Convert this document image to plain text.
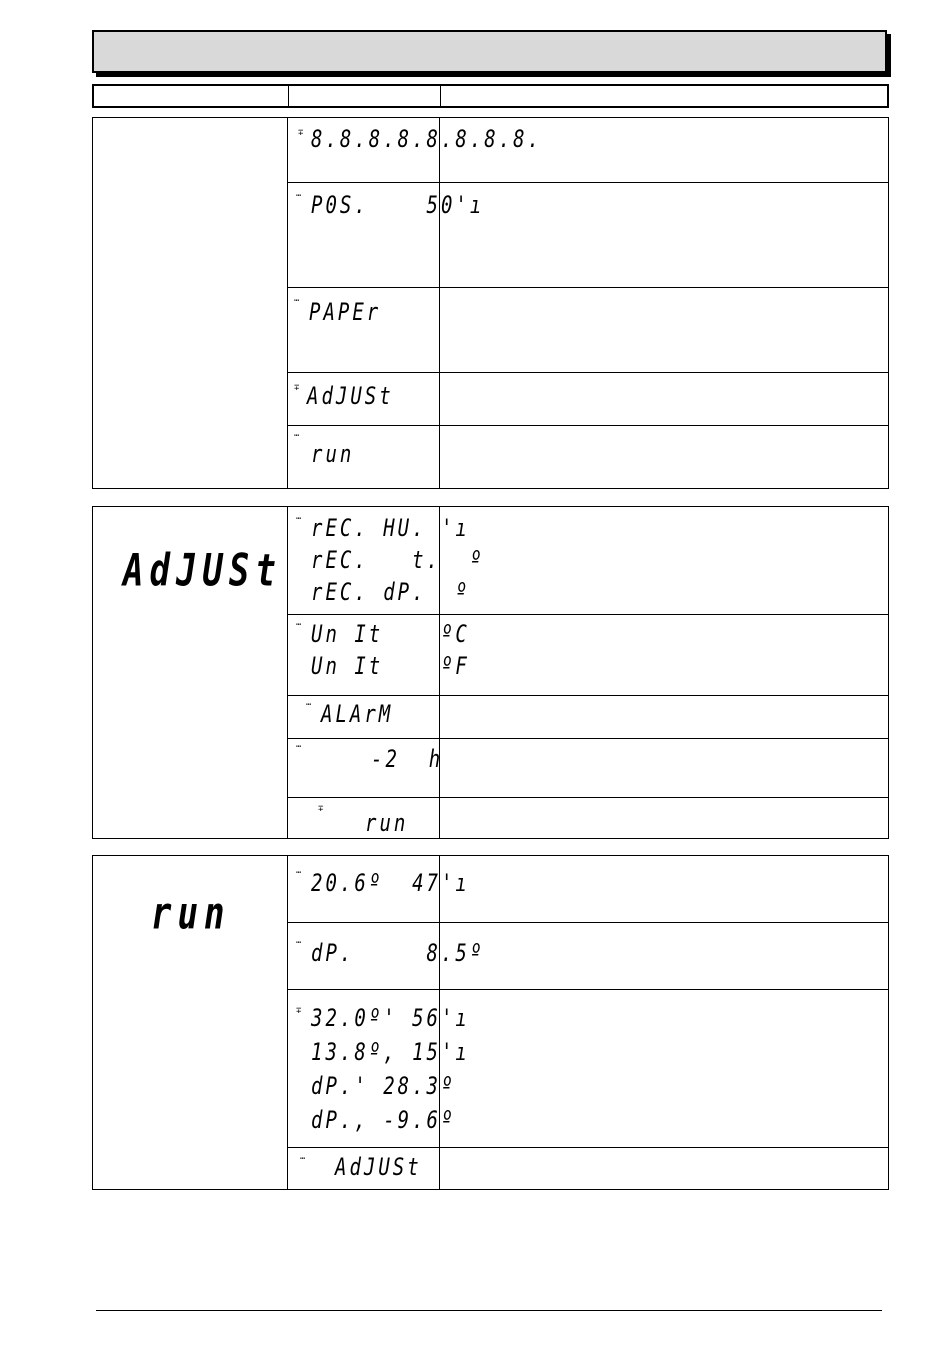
∓ 8.8.8.8.8.8.8.8.
⋯ P0S.    50'ı
⋯ PAPEr
∓ AdJUSt
⋯
run
AdJUSt
⋯ rEC. HU. 'ı
rEC.   t.  º
rEC. dP.  º
⋯ Un It    ºC
Un It    ºF
⋯ ALArM
⋯	-2  h
∓
run
run
⋯ 20.6º  47'ı
⋯ dP.     8.5º
∓ 32.0º' 56'ı
13.8º, 15'ı
dP.' 28.3º
dP., -9.6º
⋯ AdJUSt
